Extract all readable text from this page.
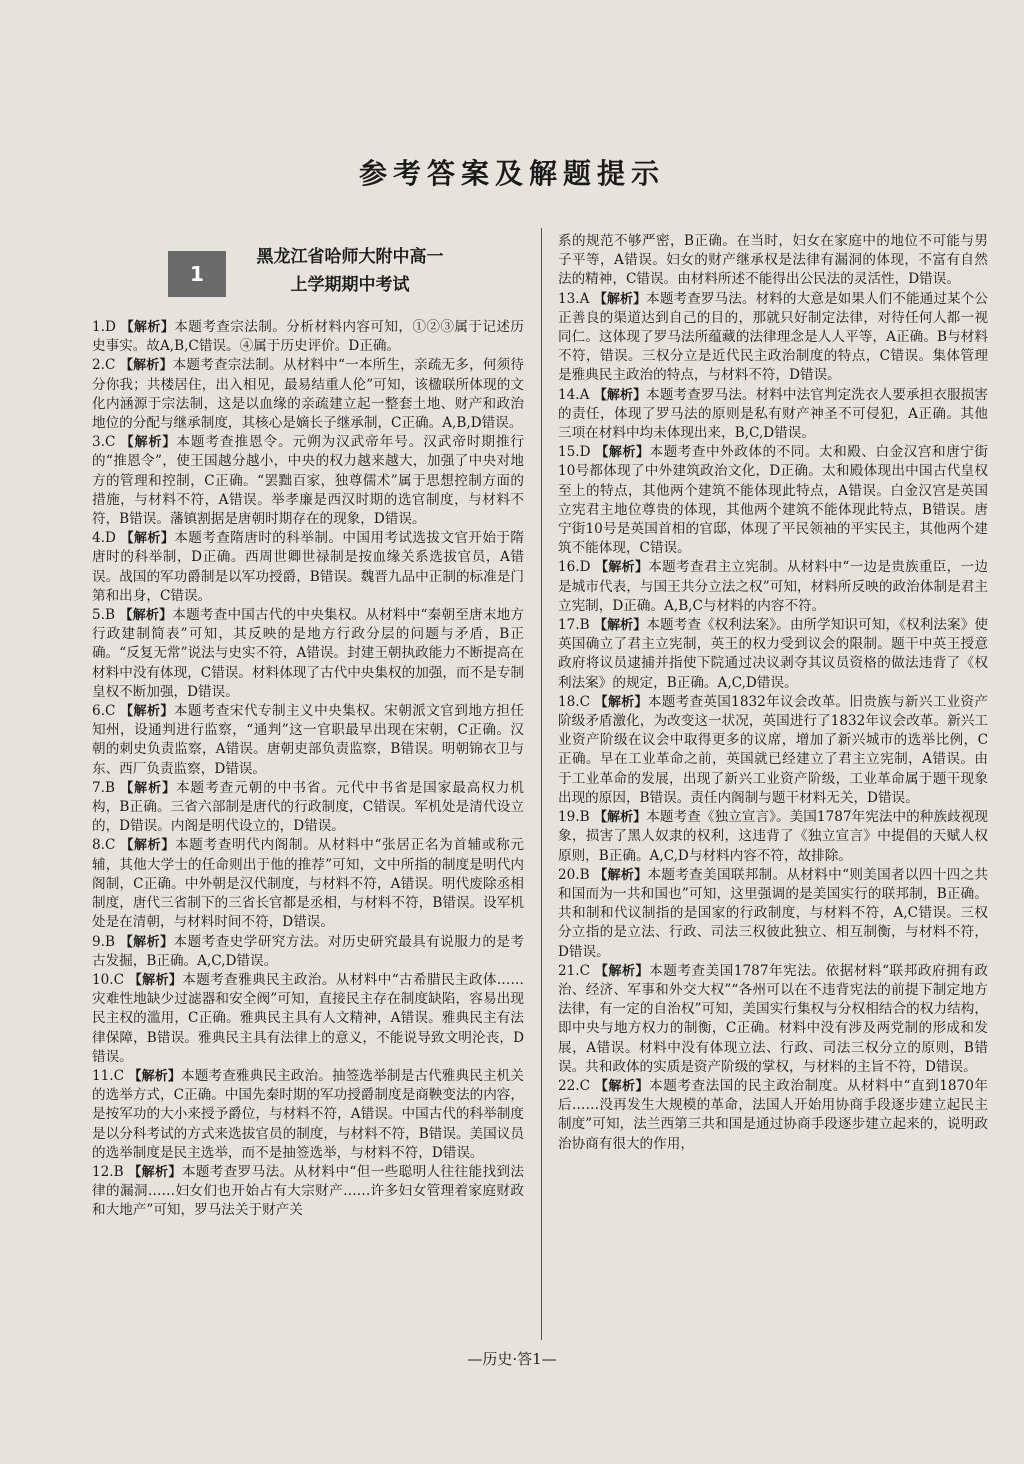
参考答案及解题提示
1
黑龙江省哈师大附中高一
上学期期中考试

1.D 【解析】本题考查宗法制。分析材料内容可知，①②③属于记述历史事实。故A,B,C错误。④属于历史评价。D正确。

2.C 【解析】本题考查宗法制。从材料中“一本所生，亲疏无多，何须待分你我；共楼居住，出入相见，最易结重人伦”可知，该楹联所体现的文化内涵源于宗法制，这是以血缘的亲疏建立起一整套土地、财产和政治地位的分配与继承制度，其核心是嫡长子继承制，C正确。A,B,D错误。

3.C 【解析】本题考查推恩令。元朔为汉武帝年号。汉武帝时期推行的“推恩令”，使王国越分越小，中央的权力越来越大，加强了中央对地方的管理和控制，C正确。“罢黜百家，独尊儒术”属于思想控制方面的措施，与材料不符，A错误。举孝廉是西汉时期的选官制度，与材料不符，B错误。藩镇割据是唐朝时期存在的现象，D错误。

4.D 【解析】本题考查隋唐时的科举制。中国用考试选拔文官开始于隋唐时的科举制，D正确。西周世卿世禄制是按血缘关系选拔官员，A错误。战国的军功爵制是以军功授爵，B错误。魏晋九品中正制的标准是门第和出身，C错误。

5.B 【解析】本题考查中国古代的中央集权。从材料中“秦朝至唐末地方行政建制简表”可知，其反映的是地方行政分层的问题与矛盾，B正确。“反复无常”说法与史实不符，A错误。封建王朝执政能力不断提高在材料中没有体现，C错误。材料体现了古代中央集权的加强，而不是专制皇权不断加强，D错误。

6.C 【解析】本题考查宋代专制主义中央集权。宋朝派文官到地方担任知州，设通判进行监察，“通判”这一官职最早出现在宋朝，C正确。汉朝的刺史负责监察，A错误。唐朝吏部负责监察，B错误。明朝锦衣卫与东、西厂负责监察，D错误。

7.B 【解析】本题考查元朝的中书省。元代中书省是国家最高权力机构，B正确。三省六部制是唐代的行政制度，C错误。军机处是清代设立的，D错误。内阁是明代设立的，D错误。

8.C 【解析】本题考查明代内阁制。从材料中“张居正名为首辅或称元辅，其他大学士的任命则出于他的推荐”可知，文中所指的制度是明代内阁制，C正确。中外朝是汉代制度，与材料不符，A错误。明代废除丞相制度，唐代三省制下的三省长官都是丞相，与材料不符，B错误。设军机处是在清朝，与材料时间不符，D错误。

9.B 【解析】本题考查史学研究方法。对历史研究最具有说服力的是考古发掘，B正确。A,C,D错误。

10.C 【解析】本题考查雅典民主政治。从材料中“古希腊民主政体……灾难性地缺少过滤器和安全阀”可知，直接民主存在制度缺陷，容易出现民主权的滥用，C正确。雅典民主具有人文精神，A错误。雅典民主有法律保障，B错误。雅典民主具有法律上的意义，不能说导致文明沦丧，D错误。

11.C 【解析】本题考查雅典民主政治。抽签选举制是古代雅典民主机关的选举方式，C正确。中国先秦时期的军功授爵制度是商鞅变法的内容，是按军功的大小来授予爵位，与材料不符，A错误。中国古代的科举制度是以分科考试的方式来选拔官员的制度，与材料不符，B错误。美国议员的选举制度是民主选举，而不是抽签选举，与材料不符，D错误。

12.B 【解析】本题考查罗马法。从材料中“但一些聪明人往往能找到法律的漏洞……妇女们也开始占有大宗财产……许多妇女管理着家庭财政和大地产”可知，罗马法关于财产关

系的规范不够严密，B正确。在当时，妇女在家庭中的地位不可能与男子平等，A错误。妇女的财产继承权是法律有漏洞的体现，不富有自然法的精神，C错误。由材料所述不能得出公民法的灵活性，D错误。

13.A 【解析】本题考查罗马法。材料的大意是如果人们不能通过某个公正善良的渠道达到自己的目的，那就只好制定法律，对待任何人都一视同仁。这体现了罗马法所蕴藏的法律理念是人人平等，A正确。B与材料不符，错误。三权分立是近代民主政治制度的特点，C错误。集体管理是雅典民主政治的特点，与材料不符，D错误。

14.A 【解析】本题考查罗马法。材料中法官判定洗衣人要承担衣服损害的责任，体现了罗马法的原则是私有财产神圣不可侵犯，A正确。其他三项在材料中均未体现出来，B,C,D错误。

15.D 【解析】本题考查中外政体的不同。太和殿、白金汉宫和唐宁街10号都体现了中外建筑政治文化，D正确。太和殿体现出中国古代皇权至上的特点，其他两个建筑不能体现此特点，A错误。白金汉宫是英国立宪君主地位尊贵的体现，其他两个建筑不能体现此特点，B错误。唐宁街10号是英国首相的官邸，体现了平民领袖的平实民主，其他两个建筑不能体现，C错误。

16.D 【解析】本题考查君主立宪制。从材料中“一边是贵族重臣，一边是城市代表，与国王共分立法之权”可知，材料所反映的政治体制是君主立宪制，D正确。A,B,C与材料的内容不符。

17.B 【解析】本题考查《权利法案》。由所学知识可知，《权利法案》使英国确立了君主立宪制，英王的权力受到议会的限制。题干中英王授意政府将议员逮捕并指使下院通过决议剥夺其议员资格的做法违背了《权利法案》的规定，B正确。A,C,D错误。

18.C 【解析】本题考查英国1832年议会改革。旧贵族与新兴工业资产阶级矛盾激化，为改变这一状况，英国进行了1832年议会改革。新兴工业资产阶级在议会中取得更多的议席，增加了新兴城市的选举比例，C正确。早在工业革命之前，英国就已经建立了君主立宪制，A错误。由于工业革命的发展，出现了新兴工业资产阶级，工业革命属于题干现象出现的原因，B错误。责任内阁制与题干材料无关，D错误。

19.B 【解析】本题考查《独立宣言》。美国1787年宪法中的种族歧视现象，损害了黑人奴隶的权利，这违背了《独立宣言》中提倡的天赋人权原则，B正确。A,C,D与材料内容不符，故排除。

20.B 【解析】本题考查美国联邦制。从材料中“则美国者以四十四之共和国而为一共和国也”可知，这里强调的是美国实行的联邦制，B正确。共和制和代议制指的是国家的行政制度，与材料不符，A,C错误。三权分立指的是立法、行政、司法三权彼此独立、相互制衡，与材料不符，D错误。

21.C 【解析】本题考查美国1787年宪法。依据材料“联邦政府拥有政治、经济、军事和外交大权”“各州可以在不违背宪法的前提下制定地方法律，有一定的自治权”可知，美国实行集权与分权相结合的权力结构，即中央与地方权力的制衡，C正确。材料中没有涉及两党制的形成和发展，A错误。材料中没有体现立法、行政、司法三权分立的原则，B错误。共和政体的实质是资产阶级的掌权，与材料的主旨不符，D错误。

22.C 【解析】本题考查法国的民主政治制度。从材料中“直到1870年后……没再发生大规模的革命，法国人开始用协商手段逐步建立起民主制度”可知，法兰西第三共和国是通过协商手段逐步建立起来的，说明政治协商有很大的作用，

—历史·答1—
